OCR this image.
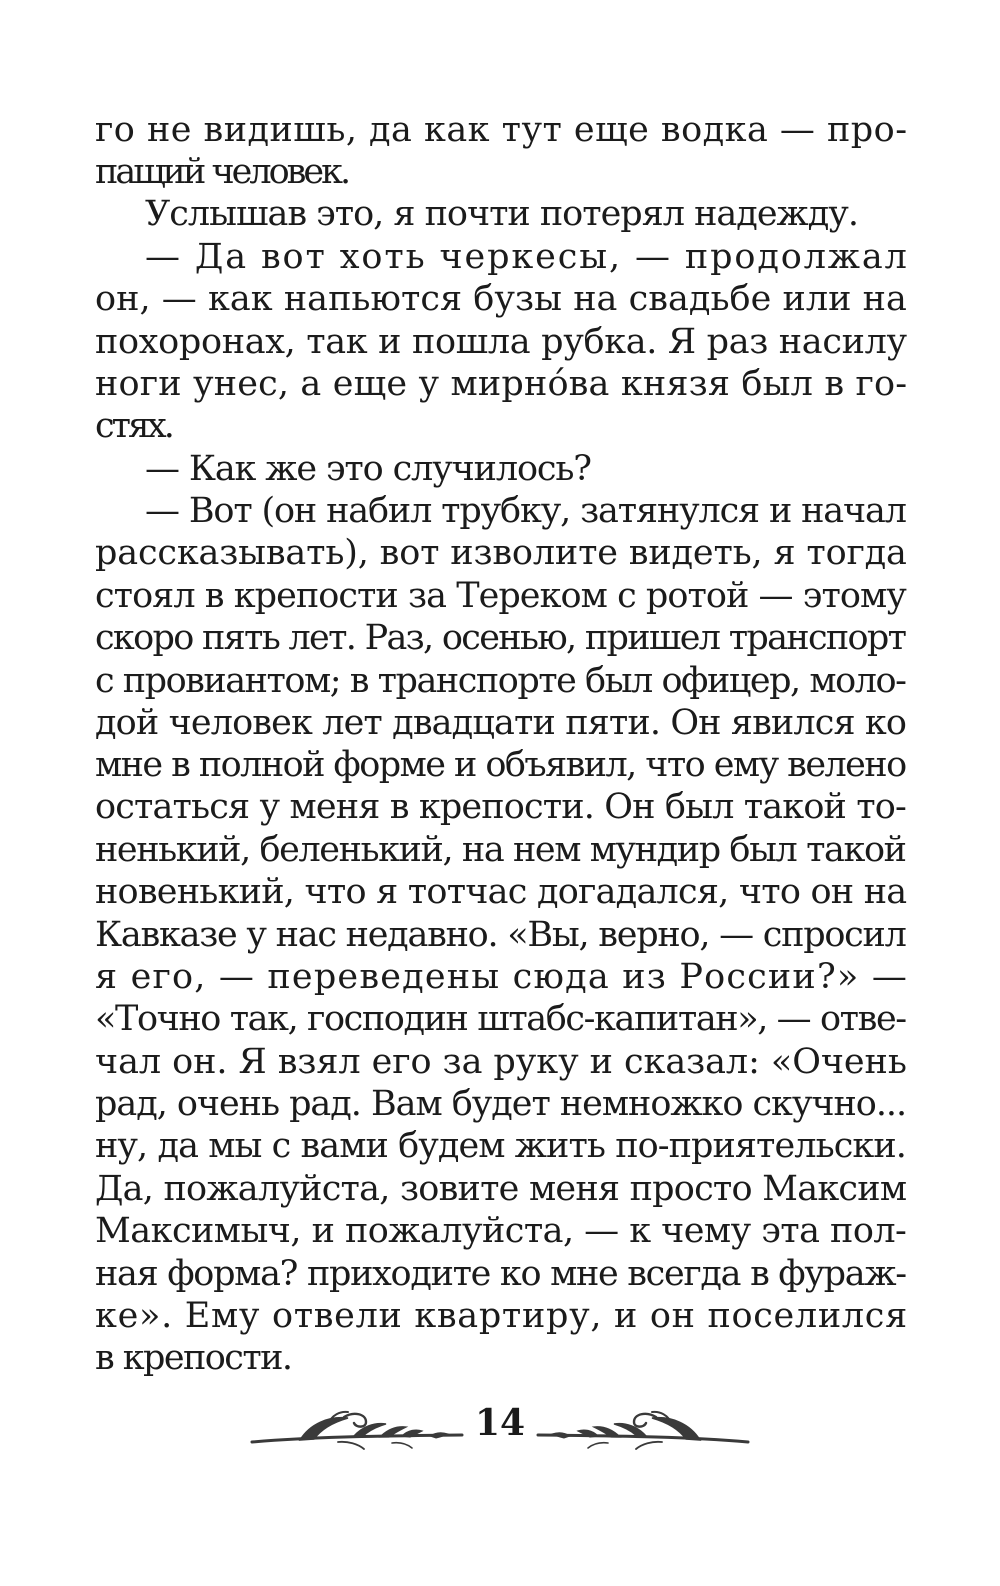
го не видишь, да как тут еще водка — про-
пащий человек.
Услышав это, я почти потерял надежду.
— Да вот хоть черкесы, — продолжал
он, — как напьются бузы на свадьбе или на
похоронах, так и пошла рубка. Я раз насилу
ноги унес, а еще у мирнóва князя был в го-
стях.
— Как же это случилось?
— Вот (он набил трубку, затянулся и начал
рассказывать), вот изволите видеть, я тогда
стоял в крепости за Тереком с ротой — этому
скоро пять лет. Раз, осенью, пришел транспорт
с провиантом; в транспорте был офицер, моло-
дой человек лет двадцати пяти. Он явился ко
мне в полной форме и объявил, что ему велено
остаться у меня в крепости. Он был такой то-
ненький, беленький, на нем мундир был такой
новенький, что я тотчас догадался, что он на
Кавказе у нас недавно. «Вы, верно, — спросил
я его, — переведены сюда из России?» —
«Точно так, господин штабс-капитан», — отве-
чал он. Я взял его за руку и сказал: «Очень
рад, очень рад. Вам будет немножко скучно...
ну, да мы с вами будем жить по-приятельски.
Да, пожалуйста, зовите меня просто Максим
Максимыч, и пожалуйста, — к чему эта пол-
ная форма? приходите ко мне всегда в фураж-
ке». Ему отвели квартиру, и он поселился
в крепости.
14
